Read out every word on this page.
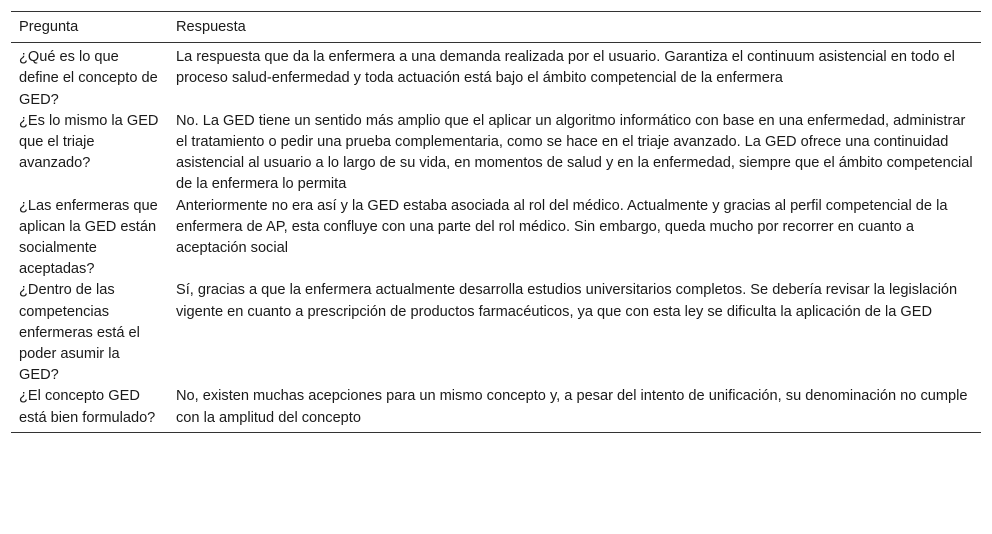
Pregunta	Respuesta
¿Qué es lo que define el concepto de GED?	La respuesta que da la enfermera a una demanda realizada por el usuario. Garantiza el continuum asistencial en todo el proceso salud-enfermedad y toda actuación está bajo el ámbito competencial de la enfermera
¿Es lo mismo la GED que el triaje avanzado?	No. La GED tiene un sentido más amplio que el aplicar un algoritmo informático con base en una enfermedad, administrar el tratamiento o pedir una prueba complementaria, como se hace en el triaje avanzado. La GED ofrece una continuidad asistencial al usuario a lo largo de su vida, en momentos de salud y en la enfermedad, siempre que el ámbito competencial de la enfermera lo permita
¿Las enfermeras que aplican la GED están socialmente aceptadas?	Anteriormente no era así y la GED estaba asociada al rol del médico. Actualmente y gracias al perfil competencial de la enfermera de AP, esta confluye con una parte del rol médico. Sin embargo, queda mucho por recorrer en cuanto a aceptación social
¿Dentro de las competencias enfermeras está el poder asumir la GED?	Sí, gracias a que la enfermera actualmente desarrolla estudios universitarios completos. Se debería revisar la legislación vigente en cuanto a prescripción de productos farmacéuticos, ya que con esta ley se dificulta la aplicación de la GED
¿El concepto GED está bien formulado?	No, existen muchas acepciones para un mismo concepto y, a pesar del intento de unificación, su denominación no cumple con la amplitud del concepto
